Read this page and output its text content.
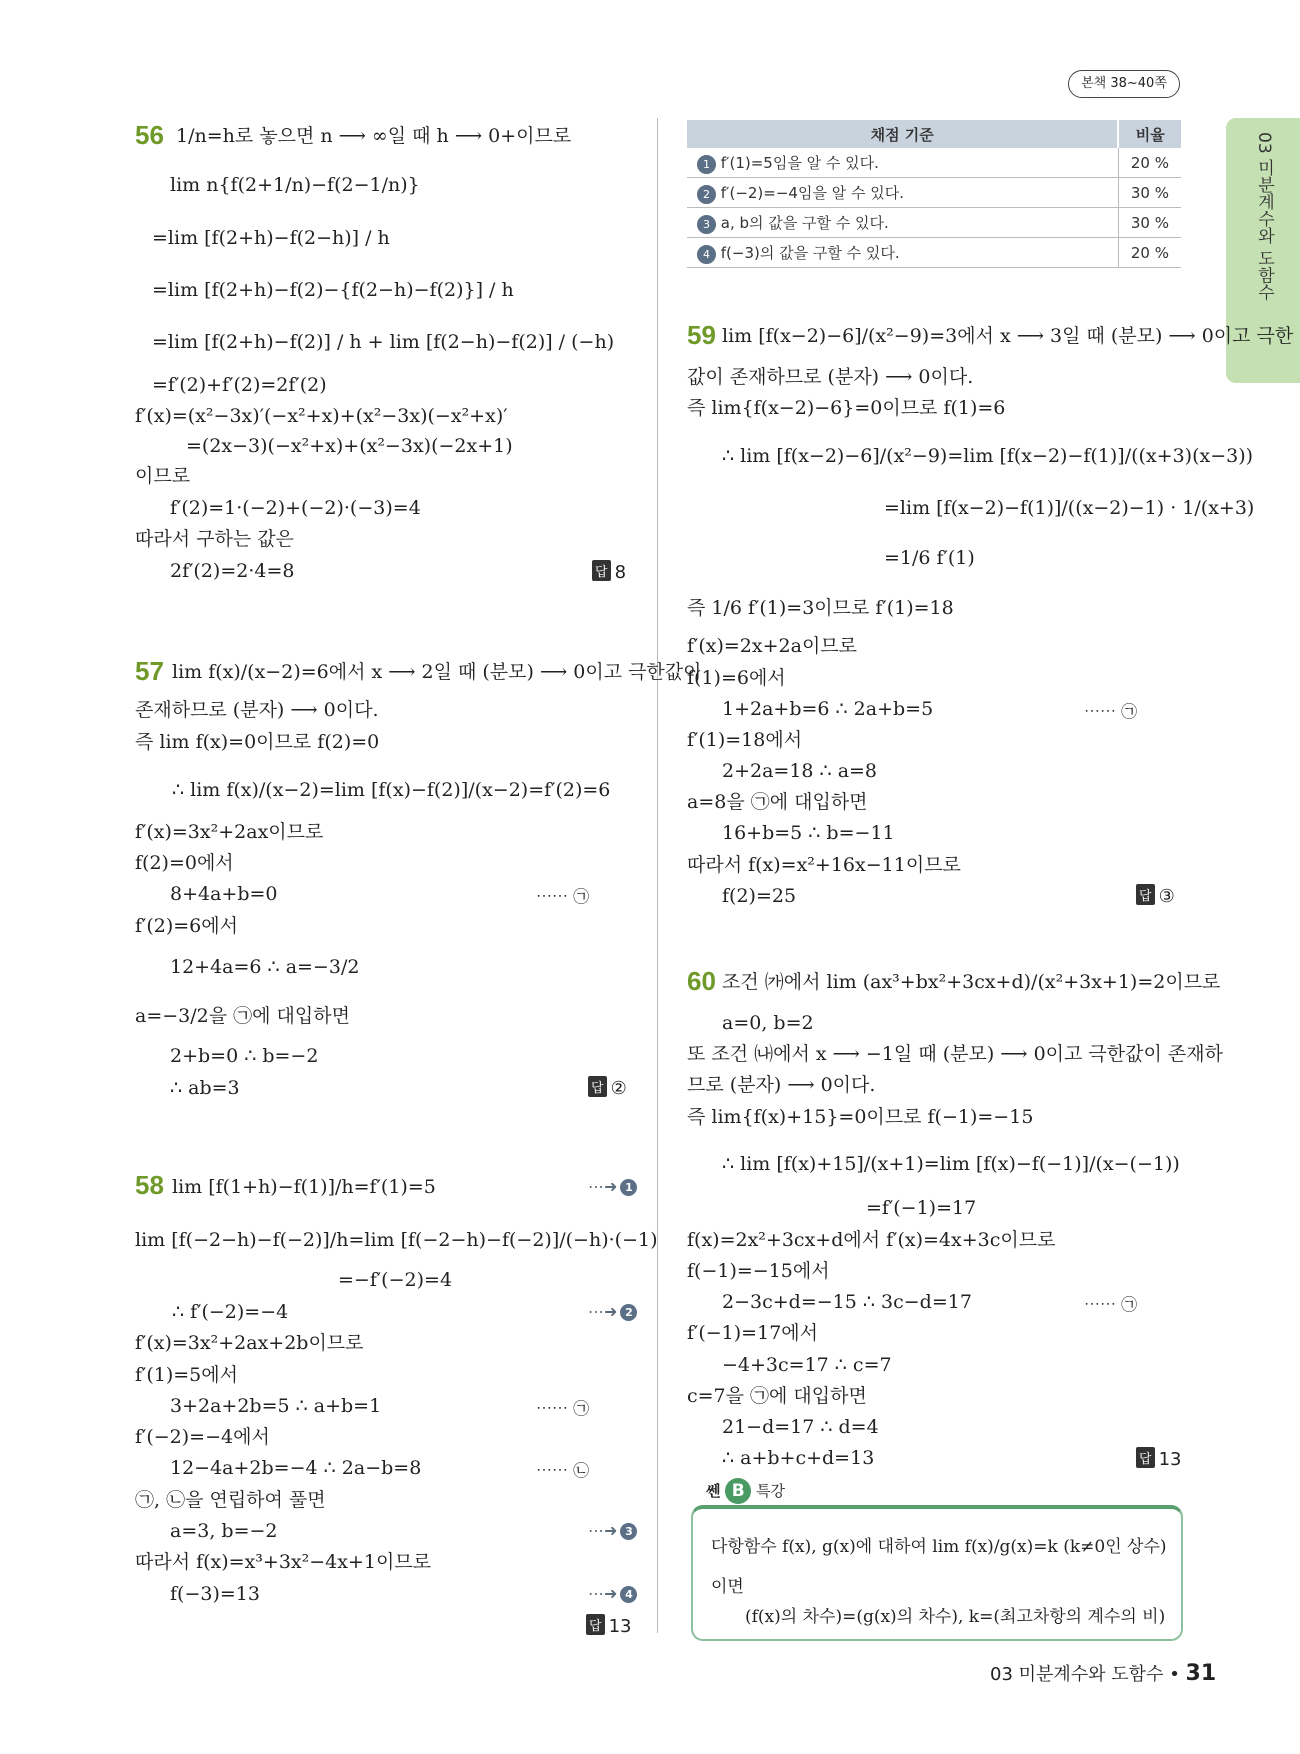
본책 38~40쪽
03 미분계수와 도함수
56 1/n=h로 놓으면 n ⟶ ∞일 때 h ⟶ 0+이므로
lim n{f(2+1/n)−f(2−1/n)}
=lim [f(2+h)−f(2−h)] / h
=lim [f(2+h)−f(2)−{f(2−h)−f(2)}] / h
=lim [f(2+h)−f(2)] / h + lim [f(2−h)−f(2)] / (−h)
=f′(2)+f′(2)=2f′(2)
f′(x)=(x²−3x)′(−x²+x)+(x²−3x)(−x²+x)′
=(2x−3)(−x²+x)+(x²−3x)(−2x+1)
이므로
f′(2)=1·(−2)+(−2)·(−3)=4
따라서 구하는 값은
2f′(2)=2·4=8	답 8
57 lim f(x)/(x−2)=6에서 x ⟶ 2일 때 (분모) ⟶ 0이고 극한값이
존재하므로 (분자) ⟶ 0이다.
즉 lim f(x)=0이므로 f(2)=0
∴ lim f(x)/(x−2)=lim [f(x)−f(2)]/(x−2)=f′(2)=6
f′(x)=3x²+2ax이므로
f(2)=0에서
8+4a+b=0	⋯⋯ ㉠
f′(2)=6에서
12+4a=6 ∴ a=−3/2
a=−3/2을 ㉠에 대입하면
2+b=0 ∴ b=−2
∴ ab=3	답 ②
58 lim [f(1+h)−f(1)]/h=f′(1)=5	⋯➜ 1
lim [f(−2−h)−f(−2)]/h=lim [f(−2−h)−f(−2)]/(−h)·(−1)
=−f′(−2)=4
∴ f′(−2)=−4	⋯➜ 2
f′(x)=3x²+2ax+2b이므로
f′(1)=5에서
3+2a+2b=5 ∴ a+b=1	⋯⋯ ㉠
f′(−2)=−4에서
12−4a+2b=−4 ∴ 2a−b=8	⋯⋯ ㉡
㉠, ㉡을 연립하여 풀면
a=3, b=−2	⋯➜ 3
따라서 f(x)=x³+3x²−4x+1이므로
f(−3)=13	⋯➜ 4
답 13
채점 기준	비율
1 f′(1)=5임을 알 수 있다.	20 %
2 f′(−2)=−4임을 알 수 있다.	30 %
3 a, b의 값을 구할 수 있다.	30 %
4 f(−3)의 값을 구할 수 있다.	20 %
59 lim [f(x−2)−6]/(x²−9)=3에서 x ⟶ 3일 때 (분모) ⟶ 0이고 극한
값이 존재하므로 (분자) ⟶ 0이다.
즉 lim{f(x−2)−6}=0이므로 f(1)=6
∴ lim [f(x−2)−6]/(x²−9)=lim [f(x−2)−f(1)]/((x+3)(x−3))
=lim [f(x−2)−f(1)]/((x−2)−1) · 1/(x+3)
=1/6 f′(1)
즉 1/6 f′(1)=3이므로 f′(1)=18
f′(x)=2x+2a이므로
f(1)=6에서
1+2a+b=6 ∴ 2a+b=5	⋯⋯ ㉠
f′(1)=18에서
2+2a=18 ∴ a=8
a=8을 ㉠에 대입하면
16+b=5 ∴ b=−11
따라서 f(x)=x²+16x−11이므로
f(2)=25	답 ③
60 조건 ㈎에서 lim (ax³+bx²+3cx+d)/(x²+3x+1)=2이므로
a=0, b=2
또 조건 ㈏에서 x ⟶ −1일 때 (분모) ⟶ 0이고 극한값이 존재하
므로 (분자) ⟶ 0이다.
즉 lim{f(x)+15}=0이므로 f(−1)=−15
∴ lim [f(x)+15]/(x+1)=lim [f(x)−f(−1)]/(x−(−1))
=f′(−1)=17
f(x)=2x²+3cx+d에서 f′(x)=4x+3c이므로
f(−1)=−15에서
2−3c+d=−15 ∴ 3c−d=17	⋯⋯ ㉠
f′(−1)=17에서
−4+3c=17 ∴ c=7
c=7을 ㉠에 대입하면
21−d=17 ∴ d=4
∴ a+b+c+d=13	답 13
쎈 B 특강
다항함수 f(x), g(x)에 대하여 lim f(x)/g(x)=k (k≠0인 상수)
이면
(f(x)의 차수)=(g(x)의 차수), k=(최고차항의 계수의 비)
03 미분계수와 도함수 • 31
